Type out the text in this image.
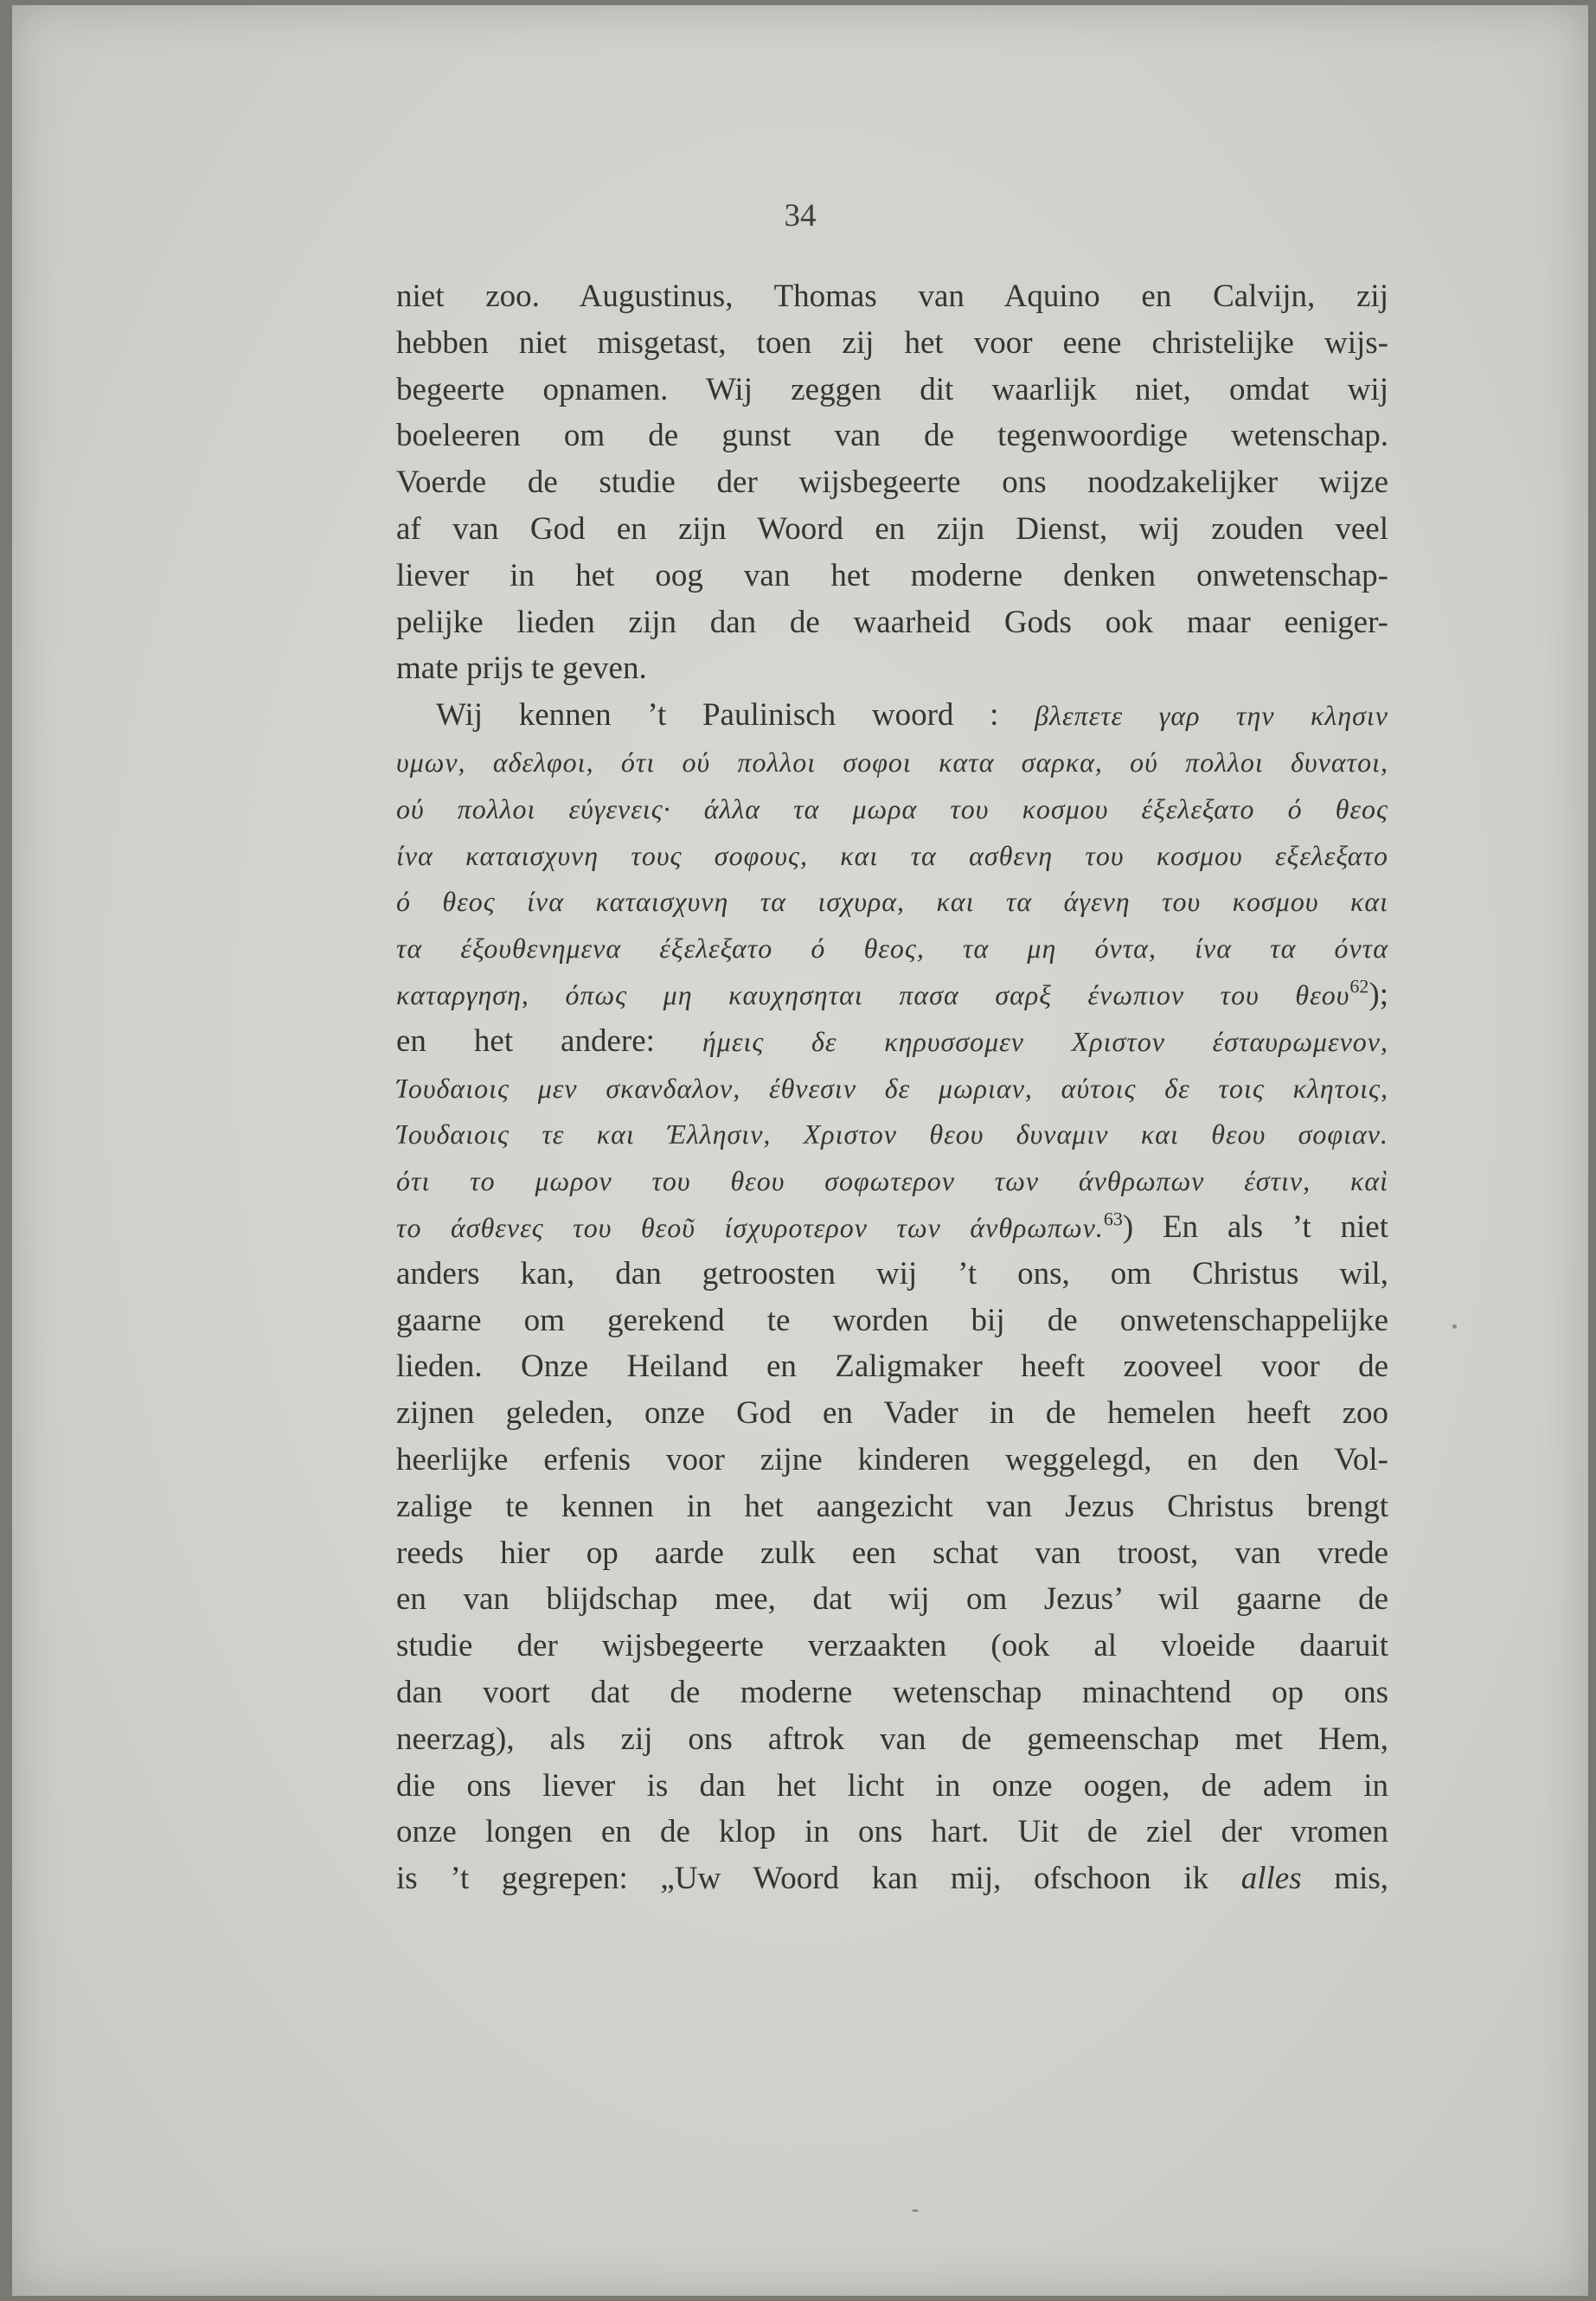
34
niet zoo. Augustinus, Thomas van Aquino en Calvijn, zij
hebben niet misgetast, toen zij het voor eene christelijke wijs-
begeerte opnamen. Wij zeggen dit waarlijk niet, omdat wij
boeleeren om de gunst van de tegenwoordige wetenschap.
Voerde de studie der wijsbegeerte ons noodzakelijker wijze
af van God en zijn Woord en zijn Dienst, wij zouden veel
liever in het oog van het moderne denken onwetenschap-
pelijke lieden zijn dan de waarheid Gods ook maar eeniger-
mate prijs te geven.
Wij kennen ’t Paulinisch woord : βλεπετε γαρ την κλησιν
υμων, αδελφοι, ότι ού πολλοι σοφοι κατα σαρκα, ού πολλοι δυνατοι,
ού πολλοι εύγενεις· άλλα τα μωρα του κοσμου έξελεξατο ό θεος
ίνα καταισχυνη τους σοφους, και τα ασθενη του κοσμου εξελεξατο
ό θεος ίνα καταισχυνη τα ισχυρα, και τα άγενη του κοσμου και
τα έξουθενημενα έξελεξατο ό θεος, τα μη όντα, ίνα τα όντα
καταργηση, όπως μη καυχησηται πασα σαρξ ένωπιον του θεου$^{62}$);
en het andere: ήμεις δε κηρυσσομεν Χριστον έσταυρωμενον,
Ίουδαιοις μεν σκανδαλον, έθνεσιν δε μωριαν, αύτοις δε τοις κλητοις,
Ίουδαιοις τε και Έλλησιν, Χριστον θεου δυναμιν και θεου σοφιαν.
ότι το μωρον του θεου σοφωτερον των άνθρωπων έστιν, καὶ
το άσθενες του θεοῦ ίσχυροτερον των άνθρωπων.$^{63}$) En als ’t niet
anders kan, dan getroosten wij ’t ons, om Christus wil,
gaarne om gerekend te worden bij de onwetenschappelijke
lieden. Onze Heiland en Zaligmaker heeft zooveel voor de
zijnen geleden, onze God en Vader in de hemelen heeft zoo
heerlijke erfenis voor zijne kinderen weggelegd, en den Vol-
zalige te kennen in het aangezicht van Jezus Christus brengt
reeds hier op aarde zulk een schat van troost, van vrede
en van blijdschap mee, dat wij om Jezus’ wil gaarne de
studie der wijsbegeerte verzaakten (ook al vloeide daaruit
dan voort dat de moderne wetenschap minachtend op ons
neerzag), als zij ons aftrok van de gemeenschap met Hem,
die ons liever is dan het licht in onze oogen, de adem in
onze longen en de klop in ons hart. Uit de ziel der vromen
is ’t gegrepen: „Uw Woord kan mij, ofschoon ik alles mis,
